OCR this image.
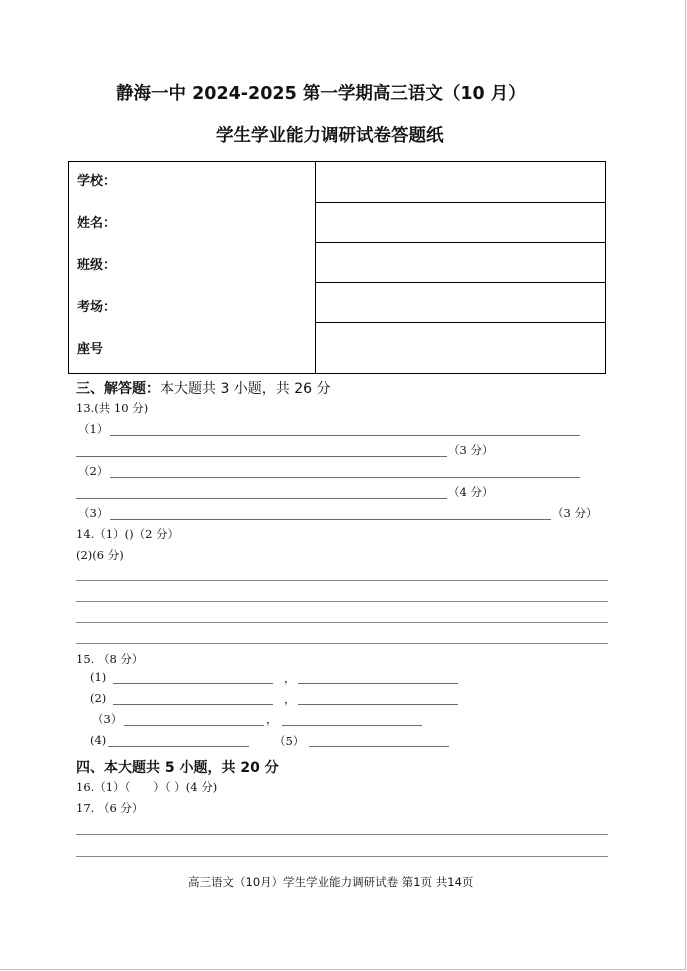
静海一中 2024-2025 第一学期高三语文（10 月）
学生学业能力调研试卷答题纸
学校：
姓名：
班级：
考场：
座号
三、解答题：本大题共 3 小题，共 26 分
13.(共 10 分)
（1）
（3 分）
（2）
（4 分）
（3）	（3 分）
14.（1）()（2 分）
(2)(6 分)
15. （8 分）
(1)	，
(2)	，
（3）	，
(4)	（5）
四、本大题共 5 小题，共 20 分
16.（1）（　　）（ ）(4 分)
17. （6 分）
高三语文（10月）学生学业能力调研试卷 第1页 共14页
